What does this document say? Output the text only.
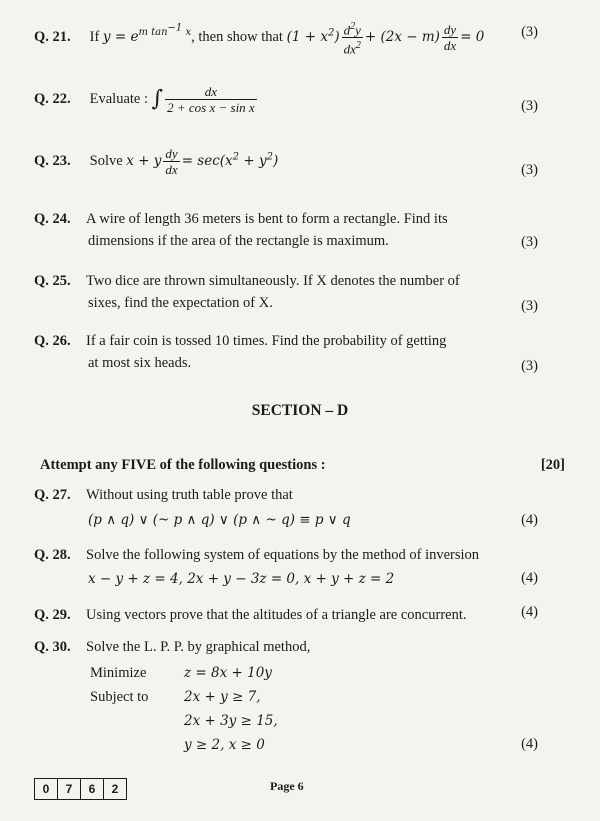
Q. 21. If $y = e^{m tan^{-1} x}$, then show that $(1 + x^2) \frac{d^2y}{dx^2} + (2x - m) \frac{dy}{dx} = 0$	(3)
Q. 22. Evaluate : ∫ $\frac{dx}{\text{2 + cos x − sin x}}$	(3)
Q. 23. Solve x + y $\frac{dy}{dx} = \sec(x^2 + y^2)$
(3)
Q. 24. A wire of length 36 meters is bent to form a rectangle. Find its
dimensions if the area of the rectangle is maximum.	(3)
Q. 25. Two dice are thrown simultaneously. If X denotes the number of
sixes, find the expectation of X.	(3)
Q. 26. If a fair coin is tossed 10 times. Find the probability of getting
at most six heads.	(3)
SECTION – D
Attempt any FIVE of the following questions :	[20]
Q. 27. Without using truth table prove that
(p ∧ q) ∨ (~ p ∧ q) ∨ (p ∧ ~ q) ≡ p ∨ q	(4)
Q. 28. Solve the following system of equations by the method of inversion
x − y + z = 4, 2x + y − 3z = 0, x + y + z = 2	(4)
Q. 29. Using vectors prove that the altitudes of a triangle are concurrent.	(4)
Q. 30. Solve the L. P. P. by graphical method,
Minimize	z = 8x + 10y
Subject to	2x + y ≥ 7,
2x + 3y ≥ 15,
y ≥ 2, x ≥ 0	(4)
0	7	6	2	Page 6
